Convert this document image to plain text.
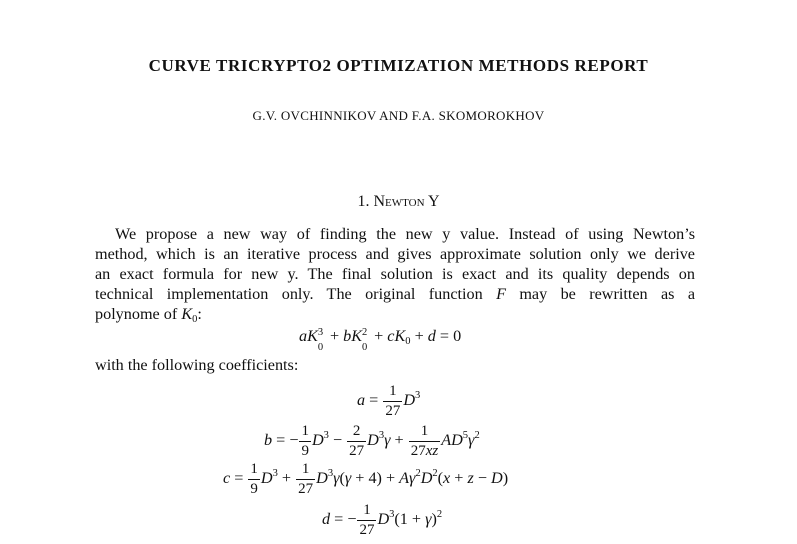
CURVE TRICRYPTO2 OPTIMIZATION METHODS REPORT
G.V. OVCHINNIKOV AND F.A. SKOMOROKHOV
1. Newton Y
We propose a new way of finding the new y value. Instead of using Newton’s
method, which is an iterative process and gives approximate solution only we derive
an exact formula for new y. The final solution is exact and its quality depends on
technical implementation only. The original function F may be rewritten as a
polynome of $K_0$:
aK 3
0
+ bK 2
0
+ $cK_0 + d = 0$
with the following coefficients:
$a = \frac{1}{27} D^3$
b = − $\frac{1}{9} D^3 - \frac{2}{27} D^3\gamma + \frac{1}{27xz} AD^5\gamma^2$
$c = \frac{1}{9} D^3 + \frac{1}{27} D^3\gamma(\gamma + 4) + A\gamma^2D^2(x + z - D)$
d = − $\frac{1}{27} D^3(1 + \gamma)^2$
